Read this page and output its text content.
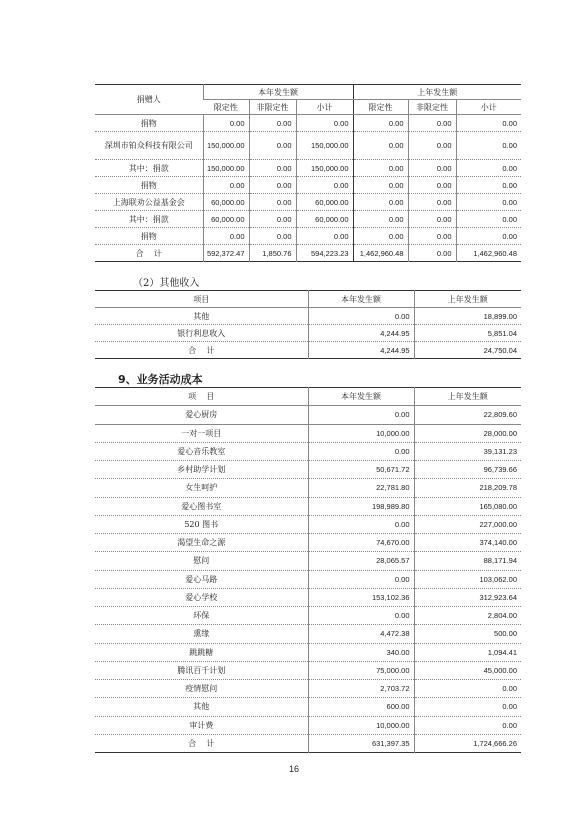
捐赠人	本年发生额			上年发生额		
	限定性	非限定性	小计	限定性	非限定性	小计
捐物	0.00	0.00	0.00	0.00	0.00	0.00
深圳市铂众科技有限公司	150,000.00	0.00	150,000.00	0.00	0.00	0.00
其中：捐款	150,000.00	0.00	150,000.00	0.00	0.00	0.00
捐物	0.00	0.00	0.00	0.00	0.00	0.00
上海联劝公益基金会	60,000.00	0.00	60,000.00	0.00	0.00	0.00
其中：捐款	60,000.00	0.00	60,000.00	0.00	0.00	0.00
捐物	0.00	0.00	0.00	0.00	0.00	0.00
合    计	592,372.47	1,850.76	594,223.23	1,462,960.48	0.00	1,462,960.48
（2）其他收入
项目	本年发生额	上年发生额
其他	0.00	18,899.00
银行利息收入	4,244.95	5,851.04
合    计	4,244.95	24,750.04
9、业务活动成本
项    目	本年发生额	上年发生额
爱心厨房	0.00	22,809.60
一对一项目	10,000.00	28,000.00
爱心音乐教室	0.00	39,131.23
乡村助学计划	50,671.72	96,739.66
女生呵护	22,781.80	218,209.78
爱心图书室	198,989.80	165,080.00
520 图书	0.00	227,000.00
渴望生命之源	74,670.00	374,140.00
慰问	28,065.57	88,171.94
爱心马路	0.00	103,062.00
爱心学校	153,102.36	312,923.64
环保	0.00	2,804.00
熏缘	4,472.38	500.00
跳跳糖	340.00	1,094.41
腾讯百千计划	75,000.00	45,000.00
疫情慰问	2,703.72	0.00
其他	600.00	0.00
审计费	10,000.00	0.00
合    计	631,397.35	1,724,666.26
16
